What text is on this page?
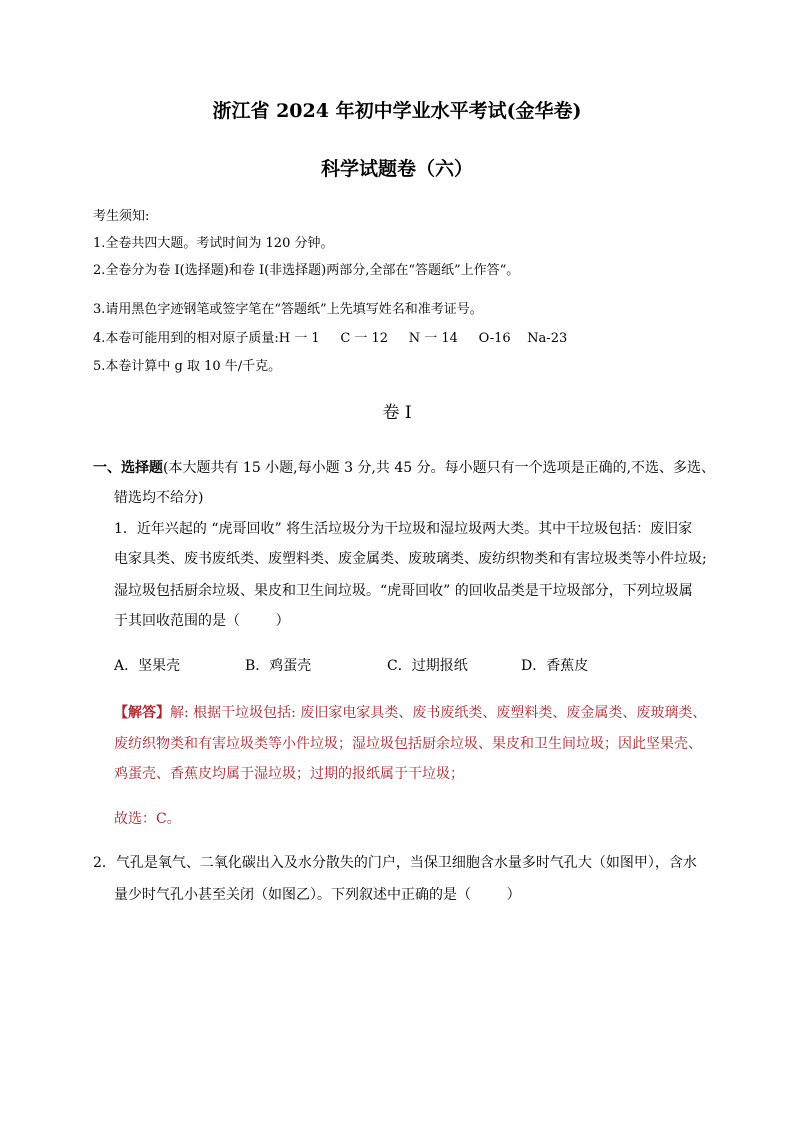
浙江省 2024 年初中学业水平考试(金华卷)
科学试题卷（六）
考生须知:
1.全卷共四大题。考试时间为 120 分钟。
2.全卷分为卷 I(选择题)和卷 I(非选择题)两部分,全部在“答题纸”上作答“。
3.请用黑色字迹钢笔或签字笔在“答题纸”上先填写姓名和准考证号。
4.本卷可能用到的相对原子质量:H 一 1     C 一 12     N 一 14     O-16    Na-23
5.本卷计算中 g 取 10 牛/千克。
卷 I
一、选择题(本大题共有 15 小题,每小题 3 分,共 45 分。每小题只有一个选项是正确的,不选、多选、
错选均不给分)
1．近年兴起的 “虎哥回收” 将生活垃圾分为干垃圾和湿垃圾两大类。其中干垃圾包括：废旧家
电家具类、废书废纸类、废塑料类、废金属类、废玻璃类、废纺织物类和有害垃圾类等小件垃圾;
湿垃圾包括厨余垃圾、果皮和卫生间垃圾。“虎哥回收” 的回收品类是干垃圾部分，下列垃圾属
于其回收范围的是（        ）
A．坚果壳	B．鸡蛋壳	C．过期报纸	D．香蕉皮
【解答】解: 根据干垃圾包括: 废旧家电家具类、废书废纸类、废塑料类、废金属类、废玻璃类、
废纺织物类和有害垃圾类等小件垃圾；湿垃圾包括厨余垃圾、果皮和卫生间垃圾；因此坚果壳、
鸡蛋壳、香蕉皮均属于湿垃圾；过期的报纸属于干垃圾；
故选：C。
2．气孔是氧气、二氧化碳出入及水分散失的门户，当保卫细胞含水量多时气孔大（如图甲），含水
量少时气孔小甚至关闭（如图乙）。下列叙述中正确的是（        ）
